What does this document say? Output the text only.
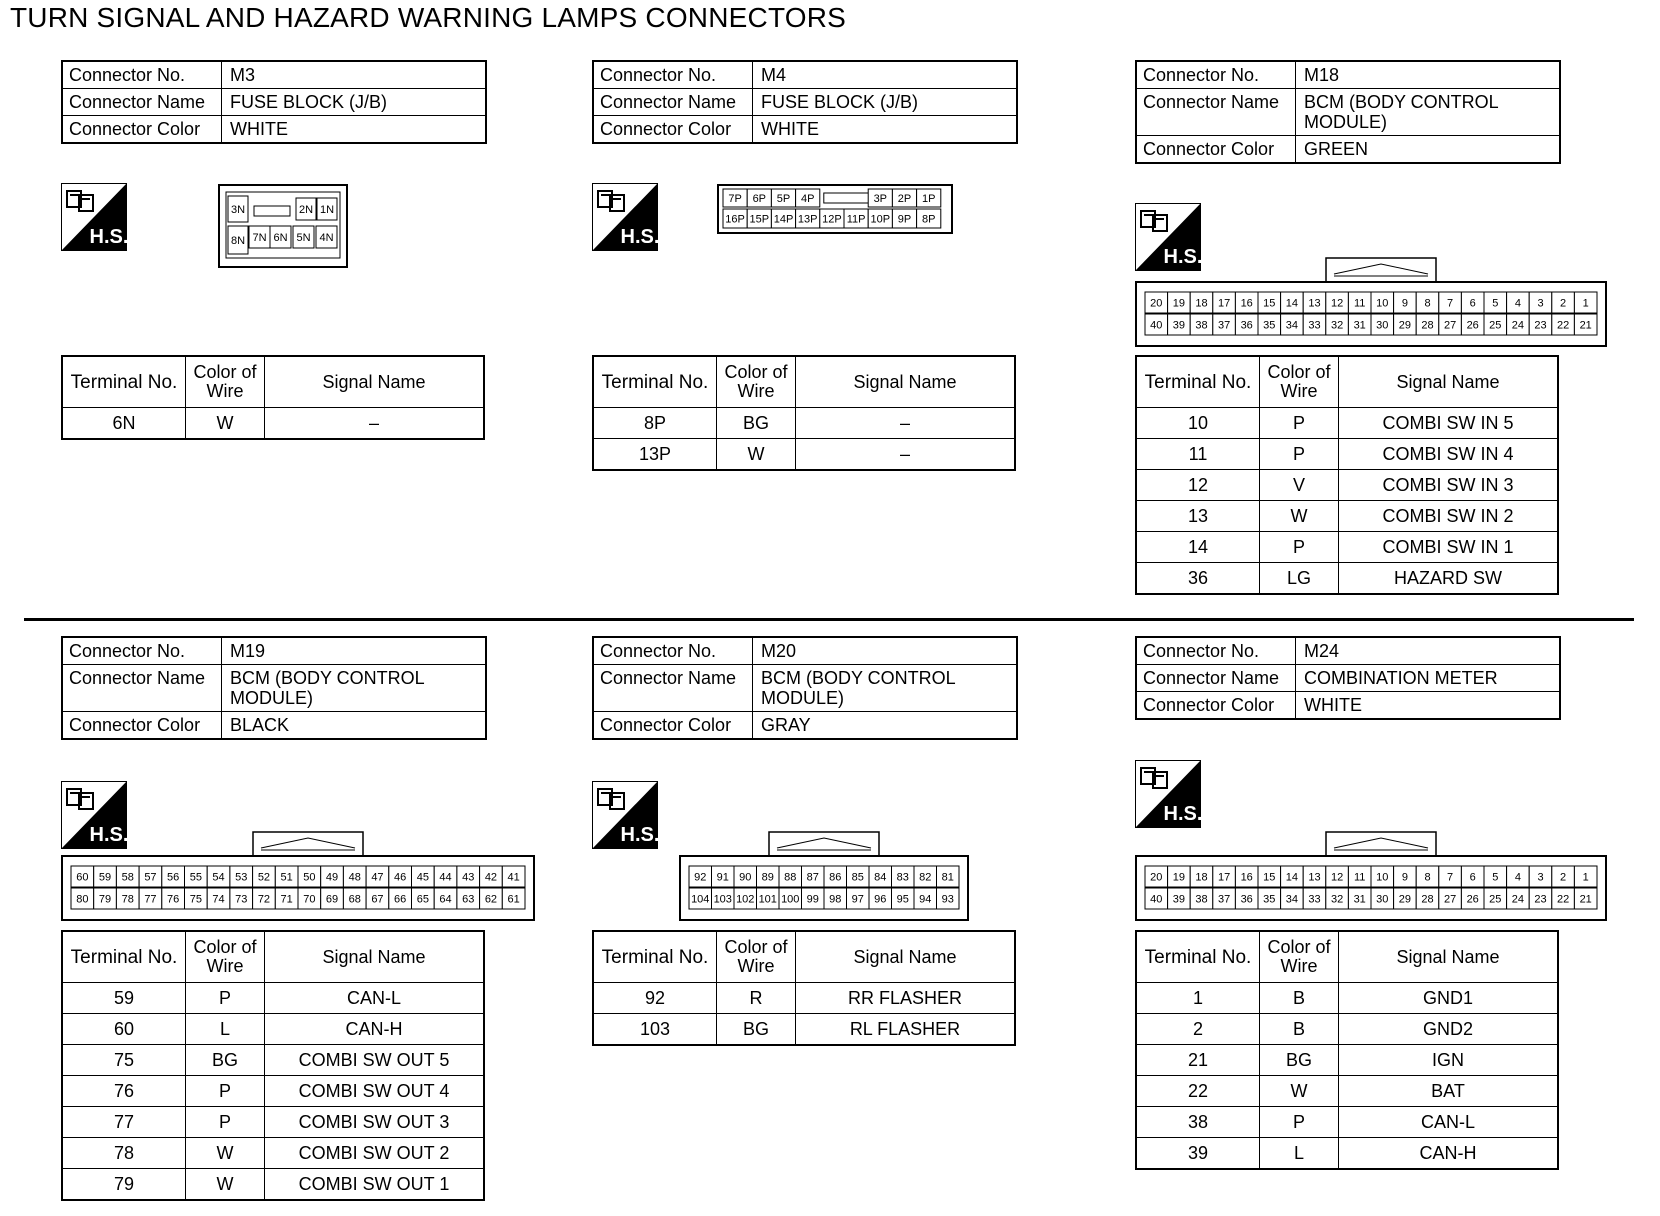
TURN SIGNAL AND HAZARD WARNING LAMPS CONNECTORS
Connector No.	M3
Connector Name	FUSE BLOCK (J/B)
Connector Color	WHITE
H.S.
3N	2N 1N
8N 7N 6N 5N 4N
Terminal No.	Color of Wire	Signal Name
6N	W	–
Connector No.	M4
Connector Name	FUSE BLOCK (J/B)
Connector Color	WHITE
H.S.
7P 6P 5P 4P	3P 2P 1P
16P 15P 14P 13P 12P 11P 10P 9P 8P
Terminal No.	Color of Wire	Signal Name
8P	BG	–
13P	W	–
Connector No.	M18
Connector Name	BCM (BODY CONTROL MODULE)
Connector Color	GREEN
H.S.
20 19 18 17 16 15 14 13 12 11 10 9 8 7 6 5 4 3 2 1
40 39 38 37 36 35 34 33 32 31 30 29 28 27 26 25 24 23 22 21
Terminal No.	Color of Wire	Signal Name
10	P	COMBI SW IN 5
11	P	COMBI SW IN 4
12	V	COMBI SW IN 3
13	W	COMBI SW IN 2
14	P	COMBI SW IN 1
36	LG	HAZARD SW
Connector No.	M19
Connector Name	BCM (BODY CONTROL MODULE)
Connector Color	BLACK
H.S.
60 59 58 57 56 55 54 53 52 51 50 49 48 47 46 45 44 43 42 41
80 79 78 77 76 75 74 73 72 71 70 69 68 67 66 65 64 63 62 61
Terminal No.	Color of Wire	Signal Name
59	P	CAN-L
60	L	CAN-H
75	BG	COMBI SW OUT 5
76	P	COMBI SW OUT 4
77	P	COMBI SW OUT 3
78	W	COMBI SW OUT 2
79	W	COMBI SW OUT 1
Connector No.	M20
Connector Name	BCM (BODY CONTROL MODULE)
Connector Color	GRAY
H.S.
92 91 90 89 88 87 86 85 84 83 82 81
104 103 102 101 100 99 98 97 96 95 94 93
Terminal No.	Color of Wire	Signal Name
92	R	RR FLASHER
103	BG	RL FLASHER
Connector No.	M24
Connector Name	COMBINATION METER
Connector Color	WHITE
H.S.
20 19 18 17 16 15 14 13 12 11 10 9 8 7 6 5 4 3 2 1
40 39 38 37 36 35 34 33 32 31 30 29 28 27 26 25 24 23 22 21
Terminal No.	Color of Wire	Signal Name
1	B	GND1
2	B	GND2
21	BG	IGN
22	W	BAT
38	P	CAN-L
39	L	CAN-H
